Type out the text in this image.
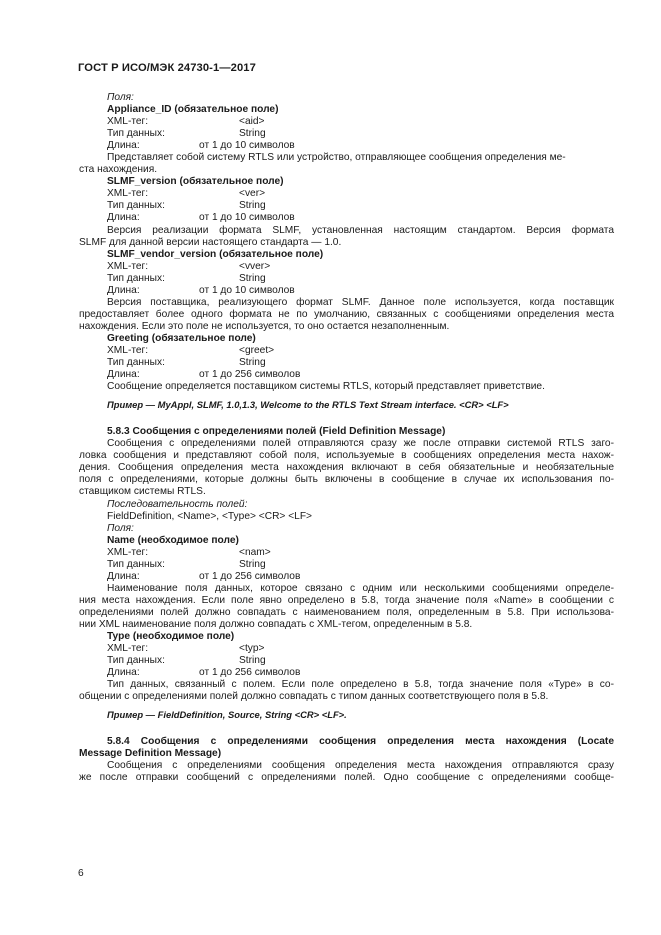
ГОСТ Р ИСО/МЭК 24730-1—2017
Поля:
Appliance_ID (обязательное поле)
XML-тег:	<aid>
Тип данных:	String
Длина:	от 1 до 10 символов
Представляет собой систему RTLS или устройство, отправляющее сообщения определения ме-
ста нахождения.
SLMF_version (обязательное поле)
XML-тег:	<ver>
Тип данных:	String
Длина:	от 1 до 10 символов
Версия реализации формата SLMF, установленная настоящим стандартом. Версия формата
SLMF для данной версии настоящего стандарта — 1.0.
SLMF_vendor_version (обязательное поле)
XML-тег:	<vver>
Тип данных:	String
Длина:	от 1 до 10 символов
Версия поставщика, реализующего формат SLMF. Данное поле используется, когда поставщик
предоставляет более одного формата не по умолчанию, связанных с сообщениями определения места
нахождения. Если это поле не используется, то оно остается незаполненным.
Greeting (обязательное поле)
XML-тег:	<greet>
Тип данных:	String
Длина:	от 1 до 256 символов
Сообщение определяется поставщиком системы RTLS, который представляет приветствие.
Пример — MyAppl, SLMF, 1.0,1.3, Welcome to the RTLS Text Stream interface. <CR> <LF>
5.8.3 Сообщения с определениями полей (Field Definition Message)
Сообщения с определениями полей отправляются сразу же после отправки системой RTLS заго-
ловка сообщения и представляют собой поля, используемые в сообщениях определения места нахож-
дения. Сообщения определения места нахождения включают в себя обязательные и необязательные
поля с определениями, которые должны быть включены в сообщение в случае их использования по-
ставщиком системы RTLS.
Последовательность полей:
FieldDefinition, <Name>, <Type> <CR> <LF>
Поля:
Name (необходимое поле)
XML-тег:	<nam>
Тип данных:	String
Длина:	от 1 до 256 символов
Наименование поля данных, которое связано с одним или несколькими сообщениями определе-
ния места нахождения. Если поле явно определено в 5.8, тогда значение поля «Name» в сообщении с
определениями полей должно совпадать с наименованием поля, определенным в 5.8. При использова-
нии XML наименование поля должно совпадать с XML-тегом, определенным в 5.8.
Type (необходимое поле)
XML-тег:	<typ>
Тип данных:	String
Длина:	от 1 до 256 символов
Тип данных, связанный с полем. Если поле определено в 5.8, тогда значение поля «Type» в со-
общении с определениями полей должно совпадать с типом данных соответствующего поля в 5.8.
Пример — FieldDefinition, Source, String <CR> <LF>.
5.8.4 Сообщения с определениями сообщения определения места нахождения (Locate
Message Definition Message)
Сообщения с определениями сообщения определения места нахождения отправляются сразу
же после отправки сообщений с определениями полей. Одно сообщение с определениями сообще-
6
